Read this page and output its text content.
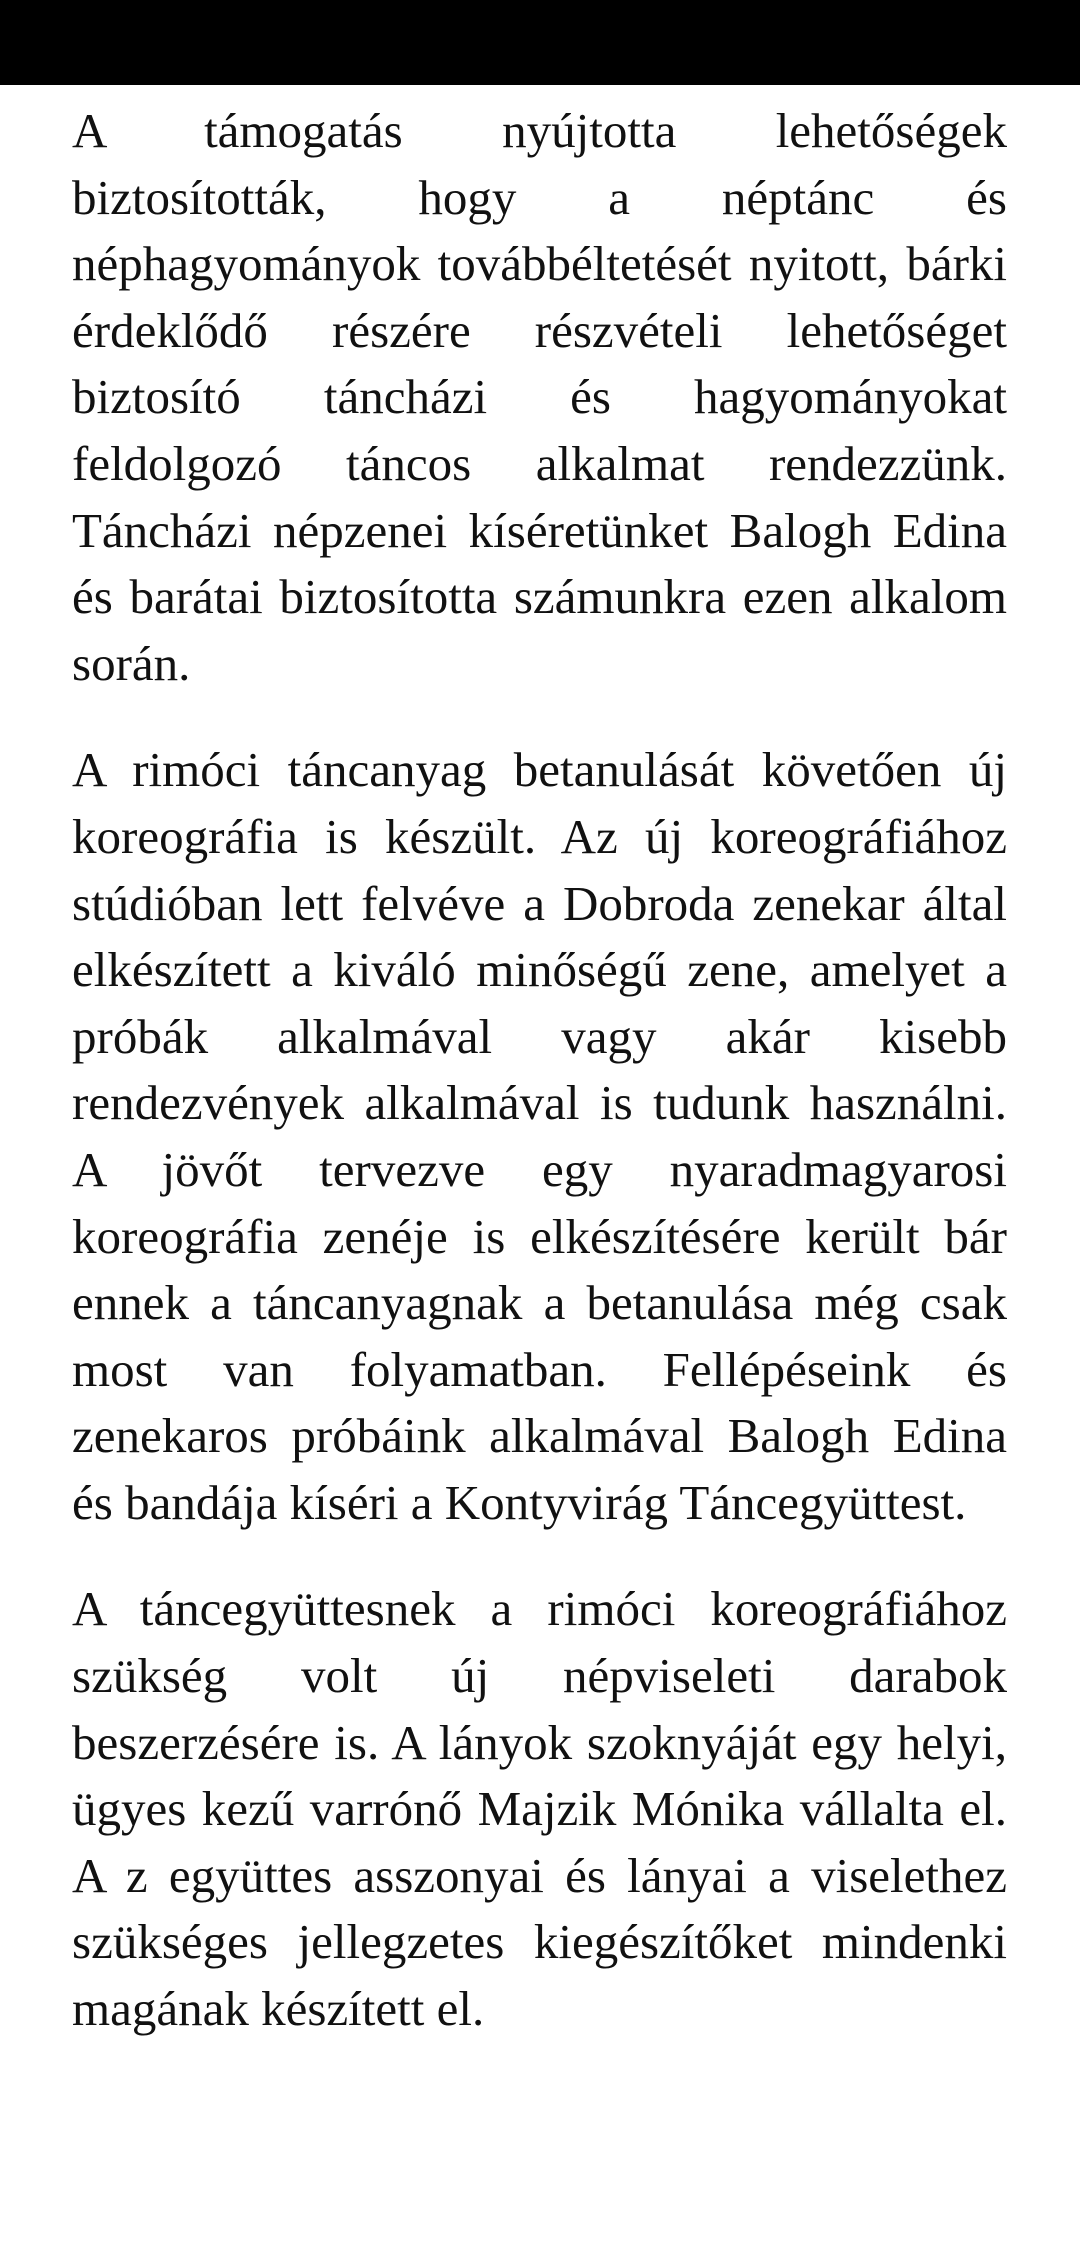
A támogatás nyújtotta lehetőségek biztosították, hogy a néptánc és néphagyományok továbbéltetését nyitott, bárki érdeklődő részére részvételi lehetőséget biztosító táncházi és hagyományokat feldolgozó táncos alkalmat rendezzünk. Táncházi népzenei kíséretünket Balogh Edina és barátai biztosította számunkra ezen alkalom során.

A rimóci táncanyag betanulását követően új koreográfia is készült. Az új koreográfiához stúdióban lett felvéve a Dobroda zenekar által elkészített a kiváló minőségű zene, amelyet a próbák alkalmával vagy akár kisebb rendezvények alkalmával is tudunk használni. A jövőt tervezve egy nyaradmagyarosi koreográfia zenéje is elkészítésére került bár ennek a táncanyagnak a betanulása még csak most van folyamatban. Fellépéseink és zenekaros próbáink alkalmával Balogh Edina  és bandája kíséri a Kontyvirág Táncegyüttest.

A táncegyüttesnek a rimóci koreográfiához szükség volt új népviseleti darabok beszerzésére is. A lányok szoknyáját egy helyi, ügyes kezű varrónő Majzik Mónika vállalta el. A z együttes asszonyai és lányai a viselethez szükséges jellegzetes kiegészítőket mindenki magának készített el.
